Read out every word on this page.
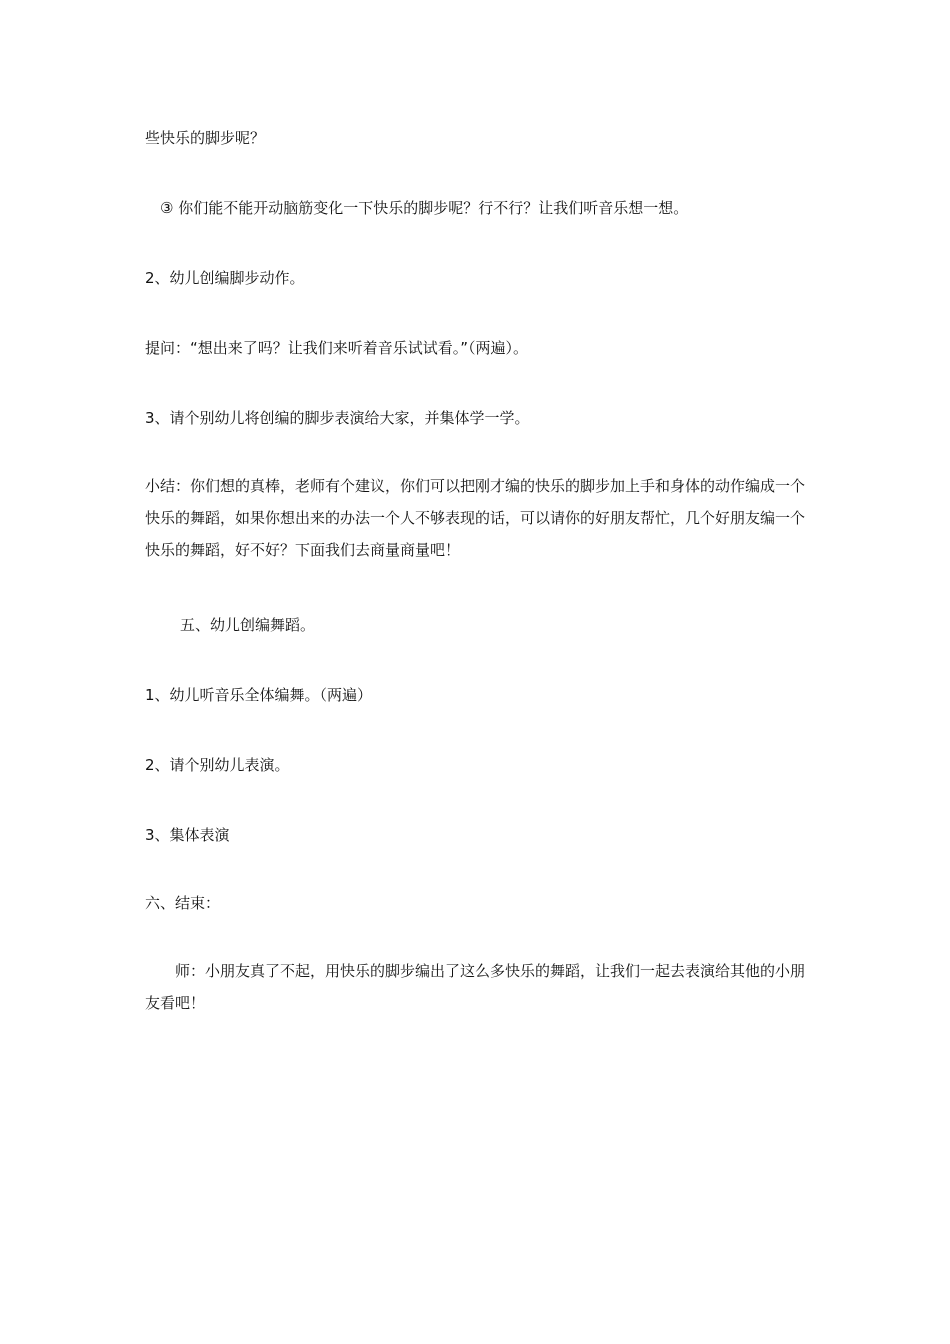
些快乐的脚步呢？
③ 你们能不能开动脑筋变化一下快乐的脚步呢？行不行？让我们听音乐想一想。
2、幼儿创编脚步动作。
提问：“想出来了吗？让我们来听着音乐试试看。”（两遍）。
3、请个别幼儿将创编的脚步表演给大家，并集体学一学。
小结：你们想的真棒，老师有个建议，你们可以把刚才编的快乐的脚步加上手和身体的动作编成一个快乐的舞蹈，如果你想出来的办法一个人不够表现的话，可以请你的好朋友帮忙，几个好朋友编一个快乐的舞蹈，好不好？下面我们去商量商量吧！
五、幼儿创编舞蹈。
1、幼儿听音乐全体编舞。（两遍）
2、请个别幼儿表演。
3、集体表演
六、结束：
师：小朋友真了不起，用快乐的脚步编出了这么多快乐的舞蹈，让我们一起去表演给其他的小朋友看吧！
